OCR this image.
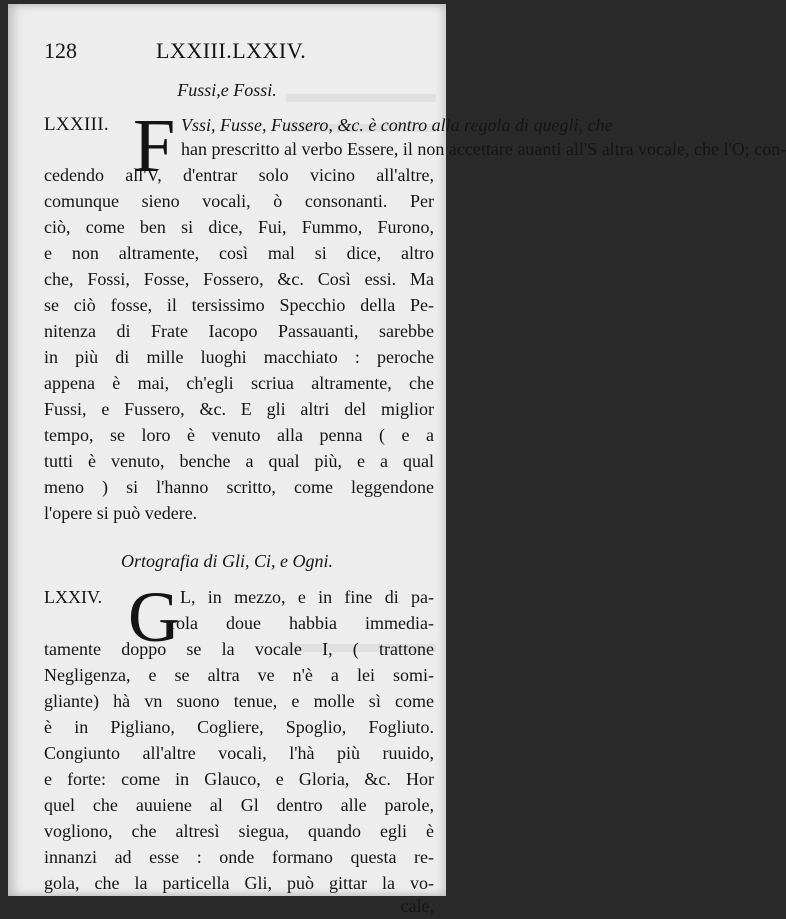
128	LXXIII.LXXIV.
Fussi,e Fossi.
F
LXXIII.	Vssi, Fusse, Fussero, &c. è contro alla regola di quegli, che
han prescritto al verbo Essere, il non accettare auanti all'S altra vocale, che l'O; con-
cedendo all'V, d'entrar solo vicino all'altre,
comunque sieno vocali, ò consonanti. Per
ciò, come ben si dice, Fui, Fummo, Furono,
e non altramente, così mal si dice, altro
che, Fossi, Fosse, Fossero, &c. Così essi. Ma
se ciò fosse, il tersissimo Specchio della Pe-
nitenza di Frate Iacopo Passauanti, sarebbe
in più di mille luoghi macchiato : peroche
appena è mai, ch'egli scriua altramente, che
Fussi, e Fussero, &c. E gli altri del miglior
tempo, se loro è venuto alla penna ( e a
tutti è venuto, benche a qual più, e a qual
meno ) si l'hanno scritto, come leggendone
l'opere si può vedere.
Ortografia di Gli, Ci, e Ogni.
G
LXXIV.	L, in mezzo, e in fine di pa-
rola doue habbia immedia-
tamente doppo se la vocale I, ( trattone
Negligenza, e se altra ve n'è a lei somi-
gliante) hà vn suono tenue, e molle sì come
è in Pigliano, Cogliere, Spoglio, Fogliuto.
Congiunto all'altre vocali, l'hà più ruuido,
e forte: come in Glauco, e Gloria, &c. Hor
quel che auuiene al Gl dentro alle parole,
vogliono, che altresì siegua, quando egli è
innanzi ad esse : onde formano questa re-
gola, che la particella Gli, può gittar la vo-
cale,
